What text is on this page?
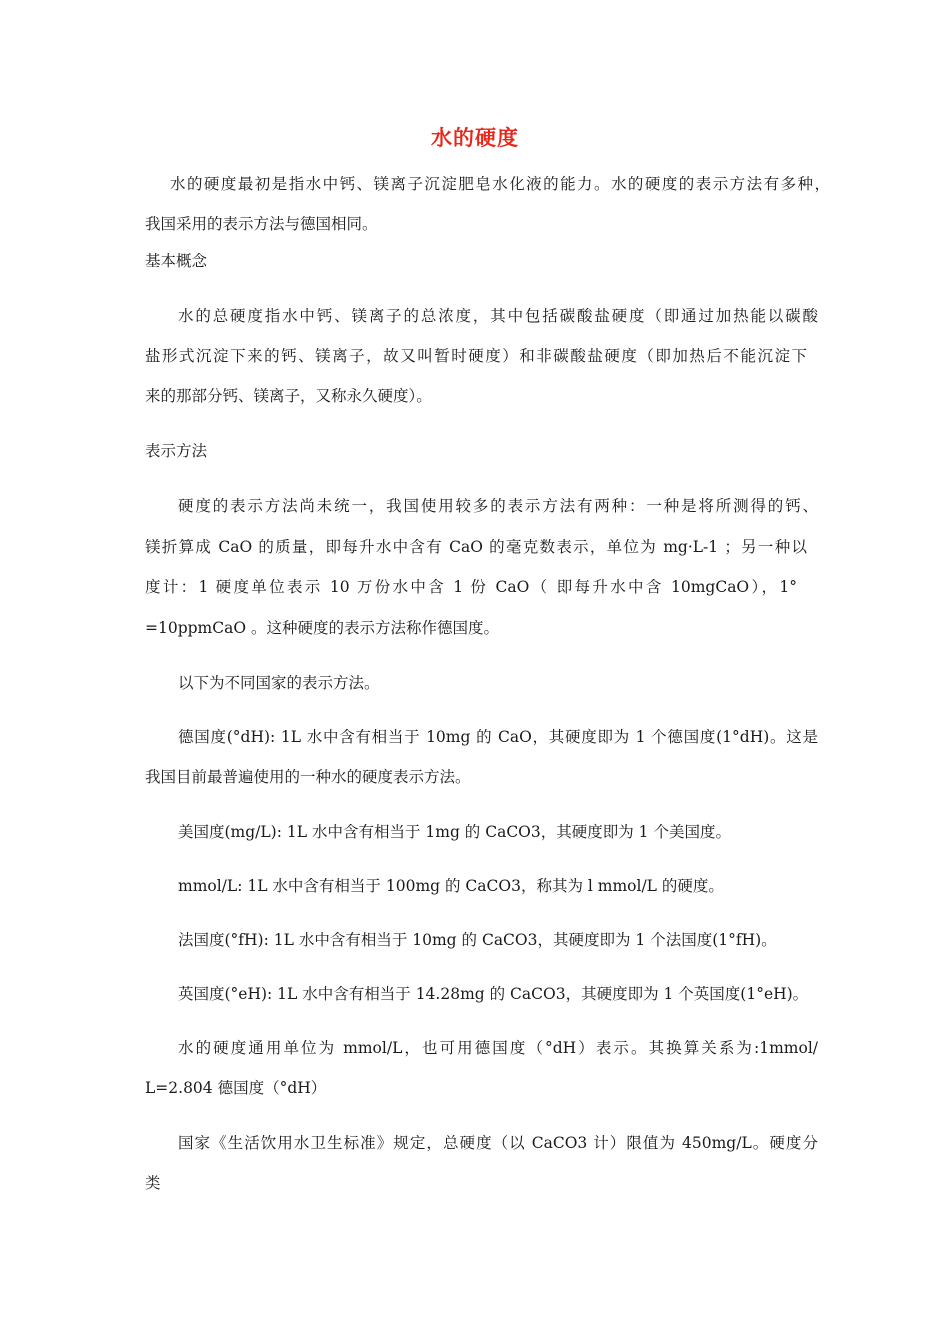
水的硬度
水的硬度最初是指水中钙、镁离子沉淀肥皂水化液的能力。水的硬度的表示方法有多种，
我国采用的表示方法与德国相同。
基本概念
水的总硬度指水中钙、镁离子的总浓度，其中包括碳酸盐硬度（即通过加热能以碳酸
盐形式沉淀下来的钙、镁离子，故又叫暂时硬度）和非碳酸盐硬度（即加热后不能沉淀下
来的那部分钙、镁离子，又称永久硬度）。
表示方法
硬度的表示方法尚未统一，我国使用较多的表示方法有两种：一种是将所测得的钙、
镁折算成 CaO 的质量，即每升水中含有 CaO 的毫克数表示，单位为 mg·L-1 ；另一种以
度计：1 硬度单位表示 10 万份水中含 1 份 CaO（ 即每升水中含 10mgCaO），1°
=10ppmCaO 。这种硬度的表示方法称作德国度。
以下为不同国家的表示方法。
德国度(°dH): 1L 水中含有相当于 10mg 的 CaO，其硬度即为 1 个德国度(1°dH)。这是
我国目前最普遍使用的一种水的硬度表示方法。
美国度(mg/L): 1L 水中含有相当于 1mg 的 CaCO3，其硬度即为 1 个美国度。
mmol/L: 1L 水中含有相当于 100mg 的 CaCO3，称其为 l mmol/L 的硬度。
法国度(°fH): 1L 水中含有相当于 10mg 的 CaCO3，其硬度即为 1 个法国度(1°fH)。
英国度(°eH): 1L 水中含有相当于 14.28mg 的 CaCO3，其硬度即为 1 个英国度(1°eH)。
水的硬度通用单位为 mmol/L，也可用德国度（°dH）表示。其换算关系为:1mmol/
L=2.804 德国度（°dH）
国家《生活饮用水卫生标准》规定，总硬度（以 CaCO3 计）限值为 450mg/L。硬度分
类
